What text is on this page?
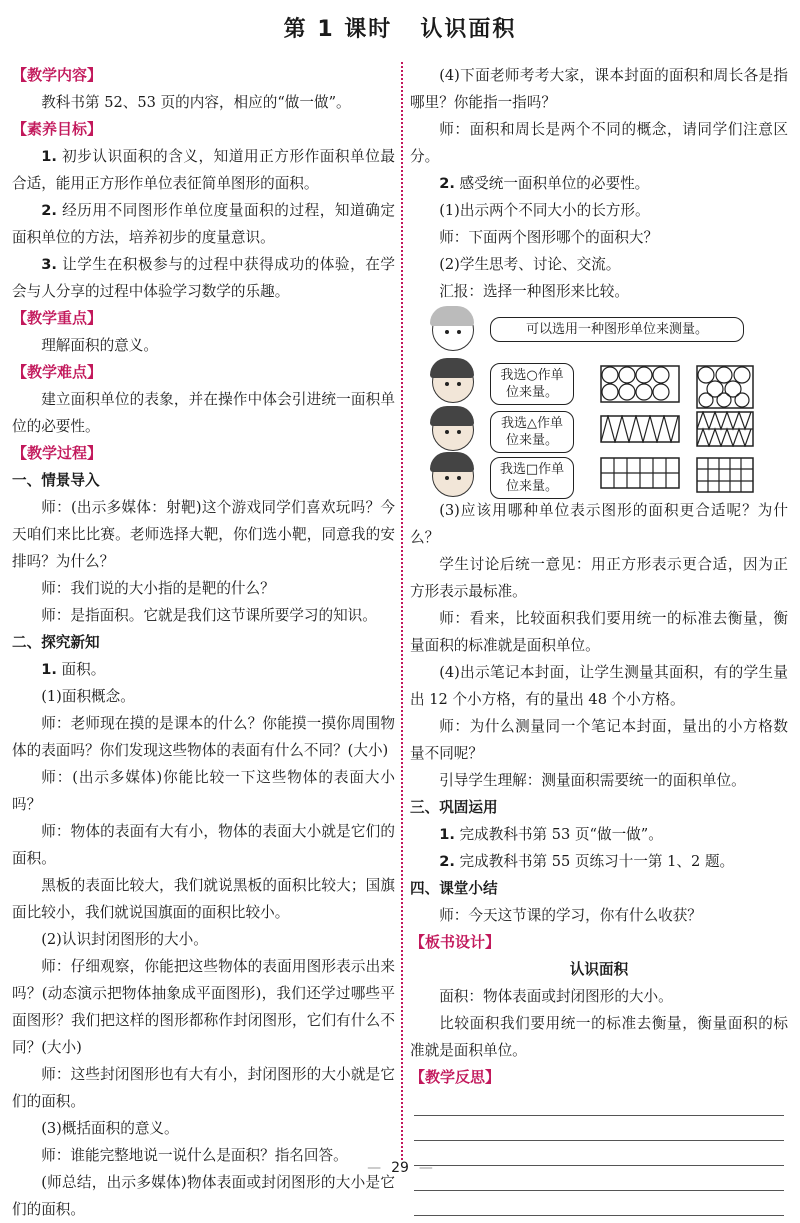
第 1 课时 认识面积
【教学内容】

教科书第 52、53 页的内容，相应的“做一做”。

【素养目标】

1. 初步认识面积的含义，知道用正方形作面积单位最合适，能用正方形作单位表征简单图形的面积。

2. 经历用不同图形作单位度量面积的过程，知道确定面积单位的方法，培养初步的度量意识。

3. 让学生在积极参与的过程中获得成功的体验，在学会与人分享的过程中体验学习数学的乐趣。

【教学重点】

理解面积的意义。

【教学难点】

建立面积单位的表象，并在操作中体会引进统一面积单位的必要性。

【教学过程】
一、情景导入

师：(出示多媒体：射靶)这个游戏同学们喜欢玩吗？今天咱们来比比赛。老师选择大靶，你们选小靶，同意我的安排吗？为什么？

师：我们说的大小指的是靶的什么？

师：是指面积。它就是我们这节课所要学习的知识。

二、探究新知

1. 面积。

(1)面积概念。

师：老师现在摸的是课本的什么？你能摸一摸你周围物体的表面吗？你们发现这些物体的表面有什么不同？(大小)

师：(出示多媒体)你能比较一下这些物体的表面大小吗？

师：物体的表面有大有小，物体的表面大小就是它们的面积。

黑板的表面比较大，我们就说黑板的面积比较大；国旗面比较小，我们就说国旗面的面积比较小。

(2)认识封闭图形的大小。

师：仔细观察，你能把这些物体的表面用图形表示出来吗？(动态演示把物体抽象成平面图形)，我们还学过哪些平面图形？我们把这样的图形都称作封闭图形，它们有什么不同？(大小)

师：这些封闭图形也有大有小，封闭图形的大小就是它们的面积。

(3)概括面积的意义。

师：谁能完整地说一说什么是面积？指名回答。

(师总结，出示多媒体)物体表面或封闭图形的大小是它们的面积。

(4)下面老师考考大家，课本封面的面积和周长各是指哪里？你能指一指吗？

师：面积和周长是两个不同的概念，请同学们注意区分。

2. 感受统一面积单位的必要性。

(1)出示两个不同大小的长方形。

师：下面两个图形哪个的面积大？

(2)学生思考、讨论、交流。

汇报：选择一种图形来比较。

可以选用一种图形单位来测量。
我选○作单位来量。
我选△作单位来量。
我选□作单位来量。

(3)应该用哪种单位表示图形的面积更合适呢？为什么？

学生讨论后统一意见：用正方形表示更合适，因为正方形表示最标准。

师：看来，比较面积我们要用统一的标准去衡量，衡量面积的标准就是面积单位。

(4)出示笔记本封面，让学生测量其面积，有的学生量出 12 个小方格，有的量出 48 个小方格。

师：为什么测量同一个笔记本封面，量出的小方格数量不同呢？

引导学生理解：测量面积需要统一的面积单位。

三、巩固运用

1. 完成教科书第 53 页“做一做”。

2. 完成教科书第 55 页练习十一第 1、2 题。

四、课堂小结

师：今天这节课的学习，你有什么收获？

【板书设计】

认识面积

面积：物体表面或封闭图形的大小。

比较面积我们要用统一的标准去衡量，衡量面积的标准就是面积单位。

【教学反思】
— 29 —
